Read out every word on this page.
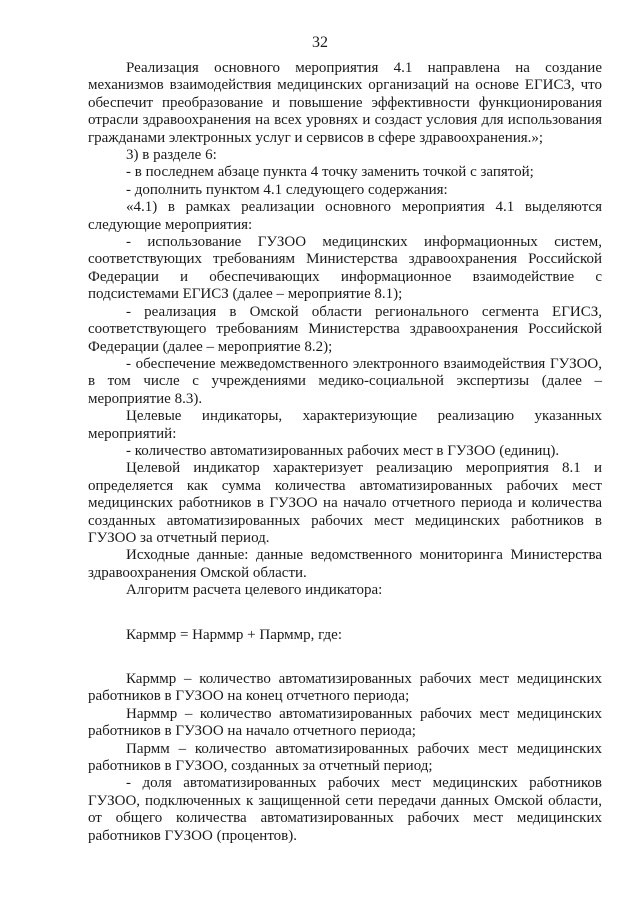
32

Реализация основного мероприятия 4.1 направлена на создание механизмов взаимодействия медицинских организаций на основе ЕГИСЗ, что обеспечит преобразование и повышение эффективности функционирования отрасли здравоохранения на всех уровнях и создаст условия для использования гражданами электронных услуг и сервисов в сфере здравоохранения.»;

3) в разделе 6:

- в последнем абзаце пункта 4 точку заменить точкой с запятой;

- дополнить пунктом 4.1 следующего содержания:

«4.1) в рамках реализации основного мероприятия 4.1 выделяются следующие мероприятия:

- использование ГУЗОО медицинских информационных систем, соответствующих требованиям Министерства здравоохранения Российской Федерации и обеспечивающих информационное взаимодействие с подсистемами ЕГИСЗ (далее – мероприятие 8.1);

- реализация в Омской области регионального сегмента ЕГИСЗ, соответствующего требованиям Министерства здравоохранения Российской Федерации (далее – мероприятие 8.2);

- обеспечение межведомственного электронного взаимодействия ГУЗОО, в том числе с учреждениями медико-социальной экспертизы (далее – мероприятие 8.3).

Целевые индикаторы, характеризующие реализацию указанных мероприятий:

- количество автоматизированных рабочих мест в ГУЗОО (единиц).

Целевой индикатор характеризует реализацию мероприятия 8.1 и определяется как сумма количества автоматизированных рабочих мест медицинских работников в ГУЗОО на начало отчетного периода и количества созданных автоматизированных рабочих мест медицинских работников в ГУЗОО за отчетный период.

Исходные данные: данные ведомственного мониторинга Министерства здравоохранения Омской области.

Алгоритм расчета целевого индикатора:

Карммр = Нарммр + Парммр, где:

Карммр – количество автоматизированных рабочих мест медицинских работников в ГУЗОО на конец отчетного периода;

Нарммр – количество автоматизированных рабочих мест медицинских работников в ГУЗОО на начало отчетного периода;

Пармм – количество автоматизированных рабочих мест медицинских работников в ГУЗОО, созданных за отчетный период;

- доля автоматизированных рабочих мест медицинских работников ГУЗОО, подключенных к защищенной сети передачи данных Омской области, от общего количества автоматизированных рабочих мест медицинских работников ГУЗОО (процентов).
